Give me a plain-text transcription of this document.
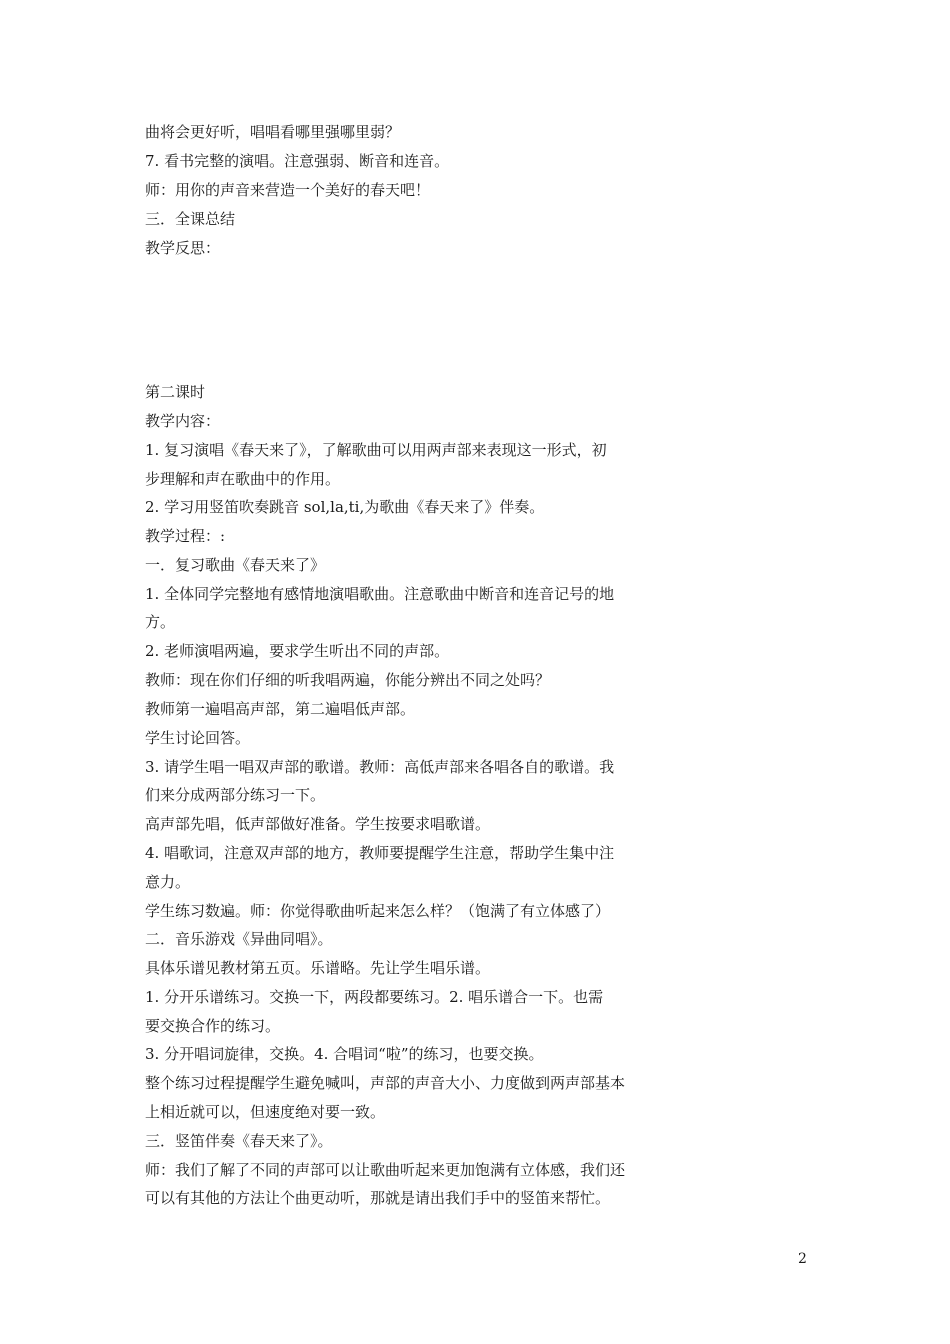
曲将会更好听，唱唱看哪里强哪里弱？
7. 看书完整的演唱。注意强弱、断音和连音。
师：用你的声音来营造一个美好的春天吧！
三．全课总结
教学反思：
第二课时
教学内容：
1. 复习演唱《春天来了》，了解歌曲可以用两声部来表现这一形式，初
步理解和声在歌曲中的作用。
2. 学习用竖笛吹奏跳音 sol,la,ti,为歌曲《春天来了》伴奏。
教学过程：:
一．复习歌曲《春天来了》
1. 全体同学完整地有感情地演唱歌曲。注意歌曲中断音和连音记号的地
方。
2. 老师演唱两遍，要求学生听出不同的声部。
教师：现在你们仔细的听我唱两遍，你能分辨出不同之处吗？
教师第一遍唱高声部，第二遍唱低声部。
学生讨论回答。
3. 请学生唱一唱双声部的歌谱。教师：高低声部来各唱各自的歌谱。我
们来分成两部分练习一下。
高声部先唱，低声部做好准备。学生按要求唱歌谱。
4. 唱歌词，注意双声部的地方，教师要提醒学生注意，帮助学生集中注
意力。
学生练习数遍。师：你觉得歌曲听起来怎么样？（饱满了有立体感了）
二．音乐游戏《异曲同唱》。
具体乐谱见教材第五页。乐谱略。先让学生唱乐谱。
1. 分开乐谱练习。交换一下，两段都要练习。2. 唱乐谱合一下。也需
要交换合作的练习。
3. 分开唱词旋律，交换。4. 合唱词“啦”的练习，也要交换。
整个练习过程提醒学生避免喊叫，声部的声音大小、力度做到两声部基本
上相近就可以，但速度绝对要一致。
三．竖笛伴奏《春天来了》。
师：我们了解了不同的声部可以让歌曲听起来更加饱满有立体感，我们还
可以有其他的方法让个曲更动听，那就是请出我们手中的竖笛来帮忙。
2
